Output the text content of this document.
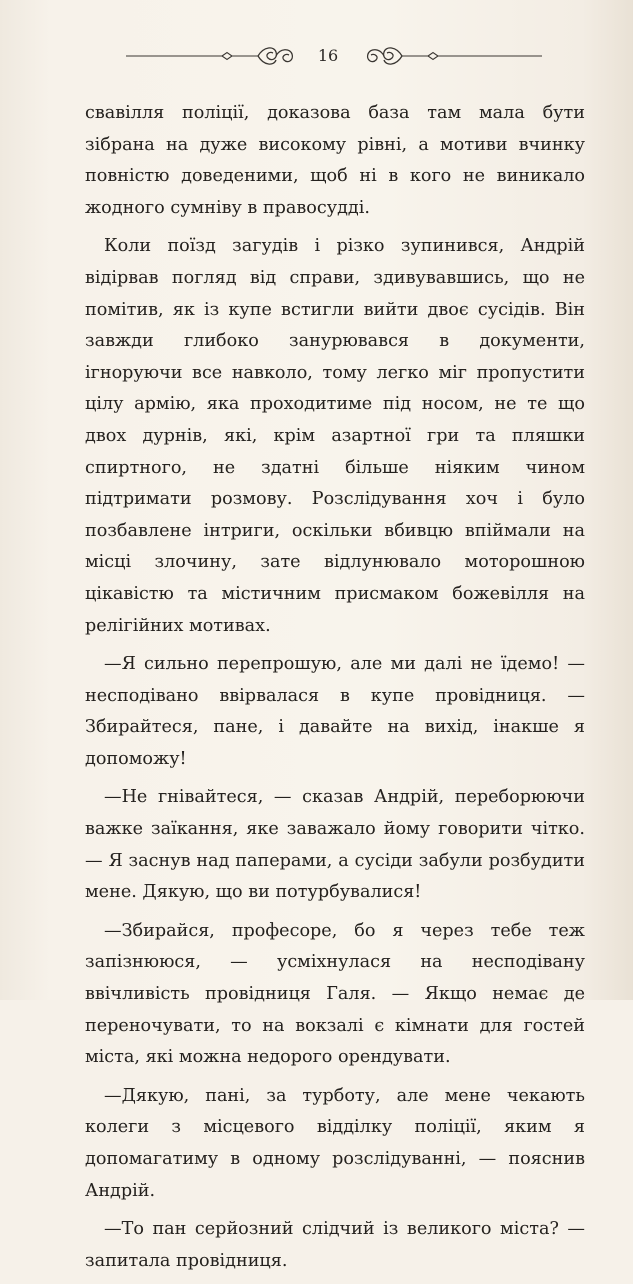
16

свавілля поліції, доказова база там мала бути зібрана на дуже високому рівні, а мотиви вчинку повністю доведеними, щоб ні в кого не виникало жодного сумніву в правосудді.

Коли поїзд загудів і різко зупинився, Андрій відірвав погляд від справи, здивувавшись, що не помітив, як із купе встигли вийти двоє сусідів. Він завжди глибоко занурювався в документи, ігноруючи все навколо, тому легко міг пропустити цілу армію, яка проходитиме під носом, не те що двох дурнів, які, крім азартної гри та пляшки спиртного, не здатні більше ніяким чином підтримати розмову. Розслідування хоч і було позбавлене інтриги, оскільки вбивцю впіймали на місці злочину, зате відлунювало моторошною цікавістю та містичним присмаком божевілля на релігійних мотивах.

—Я сильно перепрошую, але ми далі не їдемо! — несподівано ввірвалася в купе провідниця. — Збирайтеся, пане, і давайте на вихід, інакше я допоможу!

—Не гнівайтеся, — сказав Андрій, переборюючи важке заїкання, яке заважало йому говорити чітко. — Я заснув над паперами, а сусіди забули розбудити мене. Дякую, що ви потурбувалися!

—Збирайся, професоре, бо я через тебе теж запізнююся, — усміхнулася на несподівану ввічливість провідниця Галя. — Якщо немає де переночувати, то на вокзалі є кімнати для гостей міста, які можна недорого орендувати.

—Дякую, пані, за турботу, але мене чекають колеги з місцевого відділку поліції, яким я допомагатиму в одному розслідуванні, — пояснив Андрій.

—То пан серйозний слідчий із великого міста? — запитала провідниця.
